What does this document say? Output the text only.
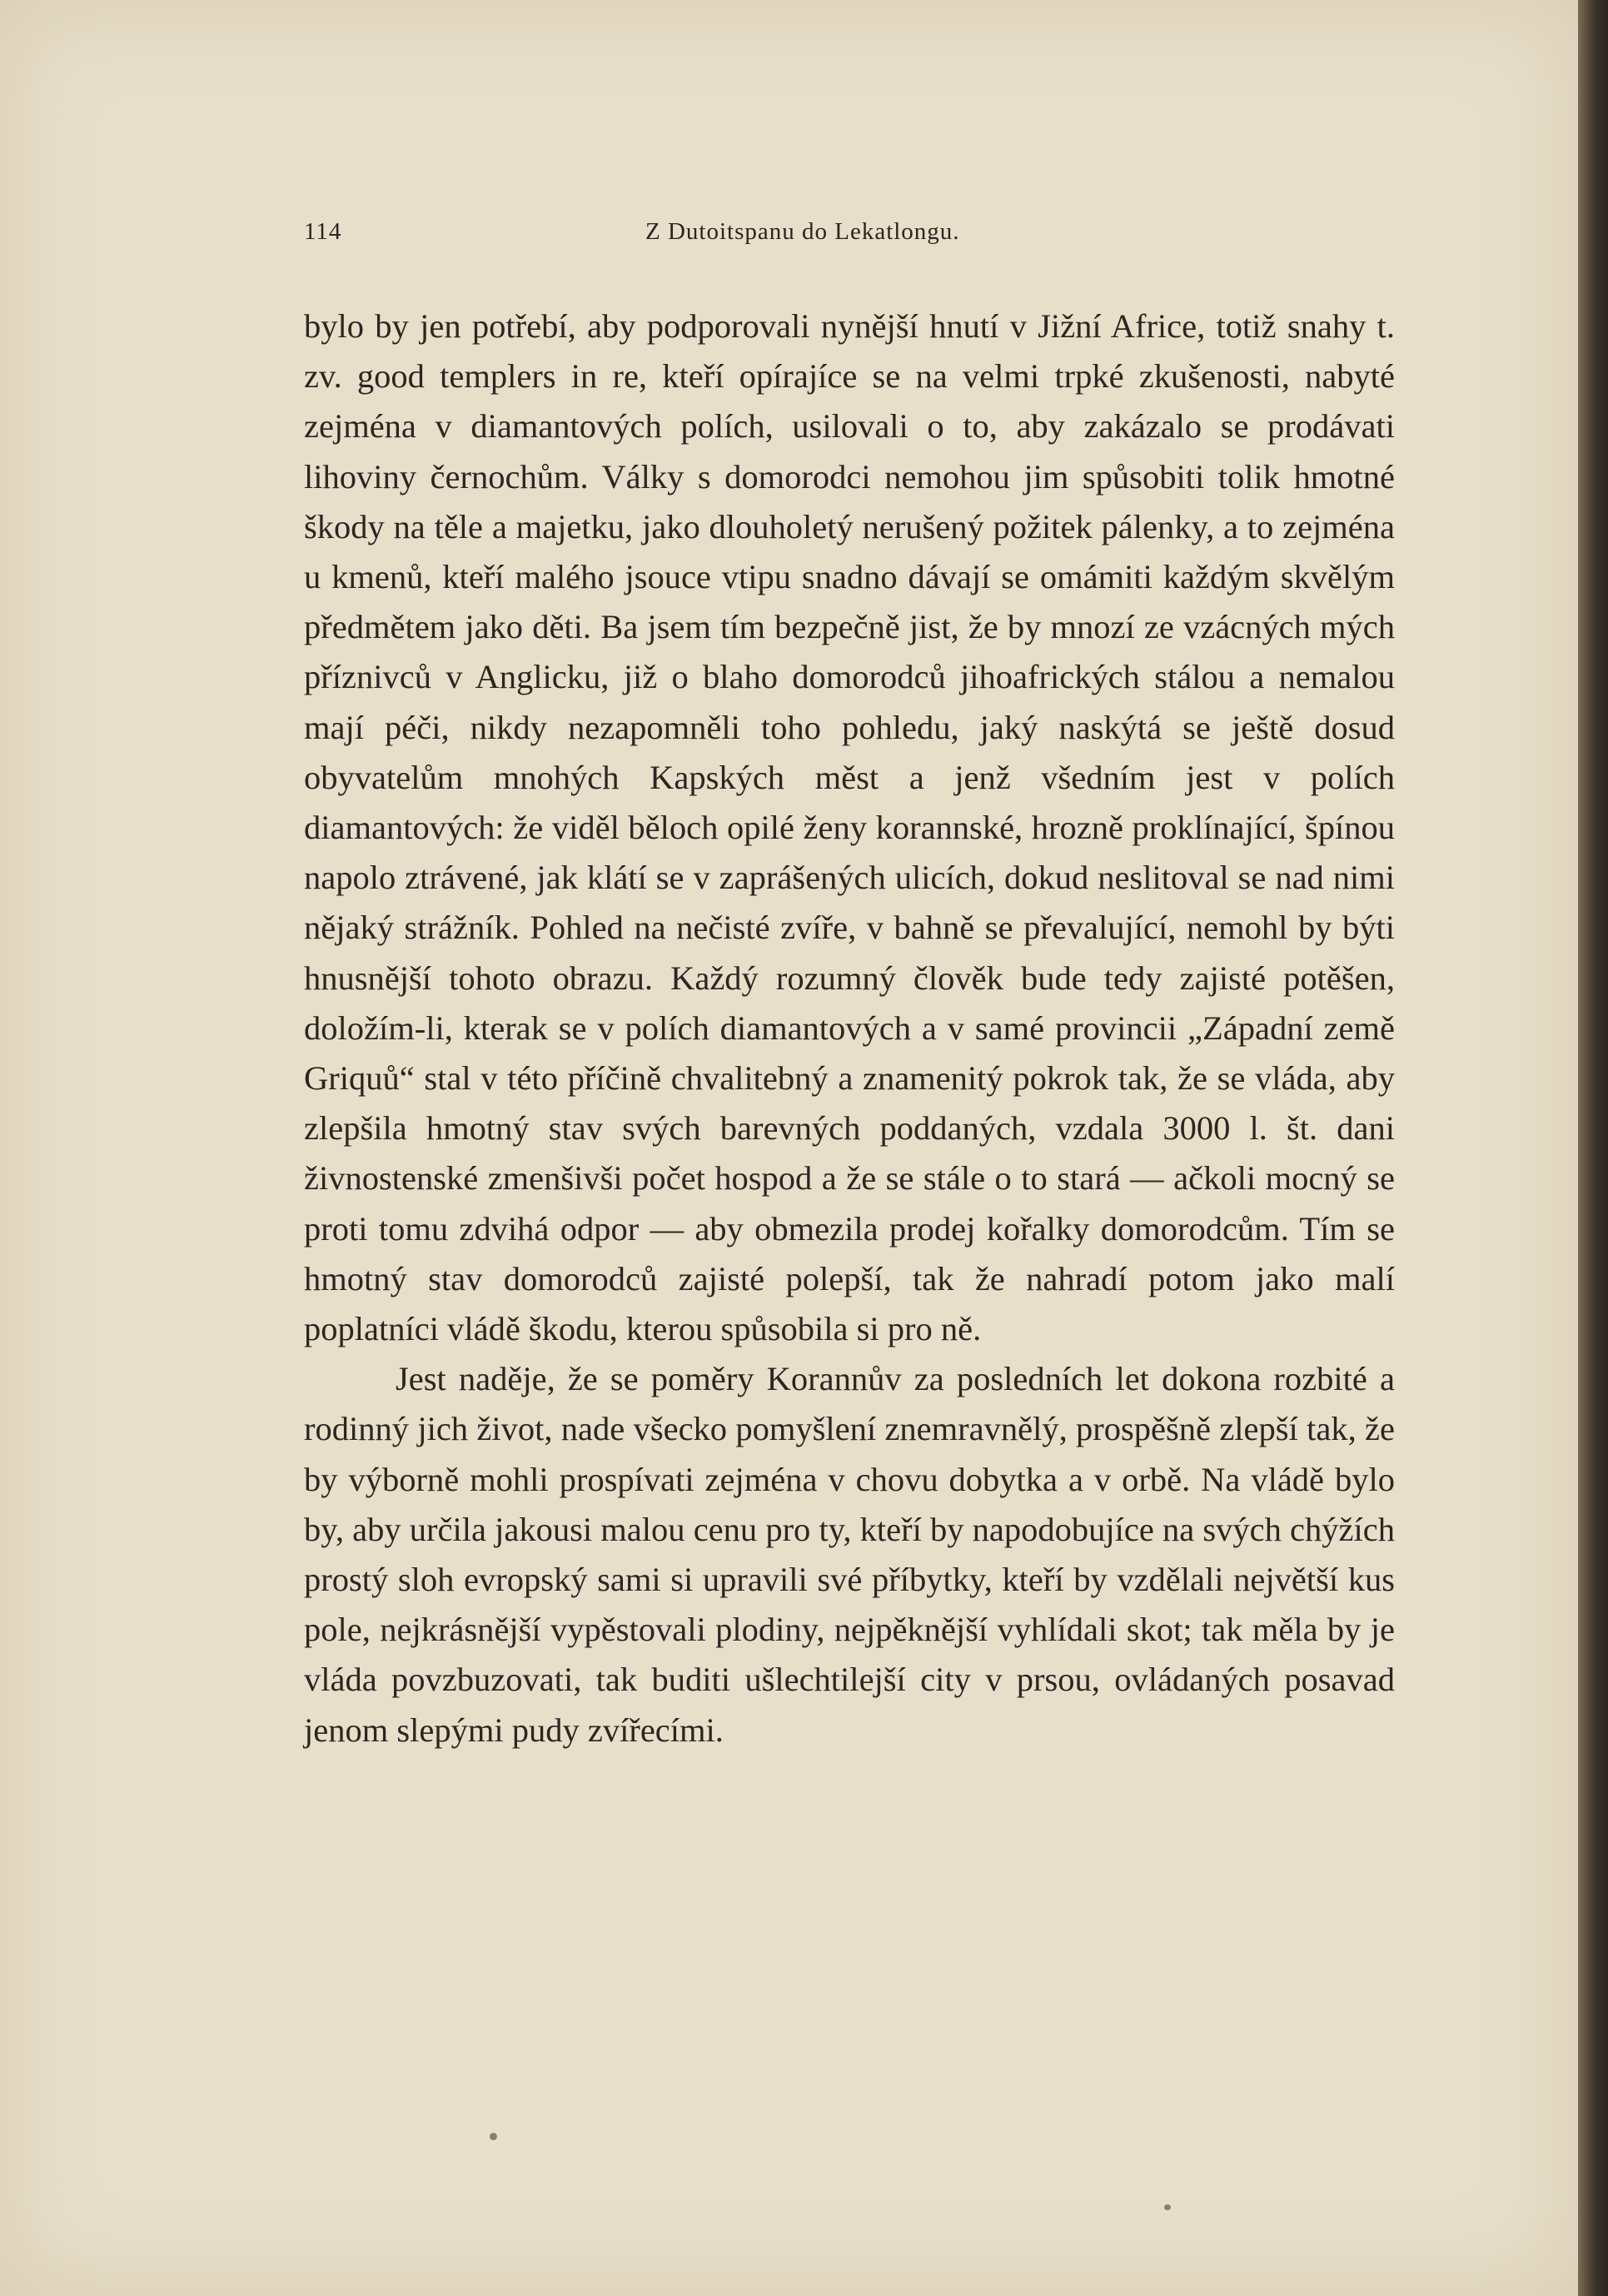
114	Z Dutoitspanu do Lekatlongu.

bylo by jen potřebí, aby podporovali nynější hnutí v Jižní Africe, totiž snahy t. zv. good templers in re, kteří opírajíce se na velmi trpké zkušenosti, nabyté zejména v diamantových polích, usilovali o to, aby zakázalo se prodávati lihoviny černochům. Války s domorodci nemohou jim spůsobiti tolik hmotné škody na těle a majetku, jako dlouholetý nerušený požitek pálenky, a to zejména u kmenů, kteří malého jsouce vtipu snadno dávají se omámiti každým skvělým předmětem jako děti. Ba jsem tím bezpečně jist, že by mnozí ze vzácných mých příznivců v Anglicku, již o blaho domorodců jihoafrických stálou a nemalou mají péči, nikdy nezapomněli toho pohledu, jaký naskýtá se ještě dosud obyvatelům mnohých Kapských měst a jenž všedním jest v polích diamantových: že viděl běloch opilé ženy korannské, hrozně proklínající, špínou napolo ztrávené, jak klátí se v zaprášených ulicích, dokud neslitoval se nad nimi nějaký strážník. Pohled na nečisté zvíře, v bahně se převalující, nemohl by býti hnusnější tohoto obrazu. Každý rozumný člověk bude tedy zajisté potěšen, doložím-li, kterak se v polích diamantových a v samé provincii „Západní země Griquů“ stal v této příčině chvalitebný a znamenitý pokrok tak, že se vláda, aby zlepšila hmotný stav svých barevných poddaných, vzdala 3000 l. št. dani živnostenské zmenšivši počet hospod a že se stále o to stará — ačkoli mocný se proti tomu zdvihá odpor — aby obmezila prodej kořalky domorodcům. Tím se hmotný stav domorodců zajisté polepší, tak že nahradí potom jako malí poplatníci vládě škodu, kterou spůsobila si pro ně.

Jest naděje, že se poměry Korannův za posledních let dokona rozbité a rodinný jich život, nade všecko pomyšlení znemravnělý, prospěšně zlepší tak, že by výborně mohli prospívati zejména v chovu dobytka a v orbě. Na vládě bylo by, aby určila jakousi malou cenu pro ty, kteří by napodobujíce na svých chýžích prostý sloh evropský sami si upravili své příbytky, kteří by vzdělali největší kus pole, nejkrásnější vypěstovali plodiny, nejpěknější vyhlídali skot; tak měla by je vláda povzbuzovati, tak buditi ušlechtilejší city v prsou, ovládaných posavad jenom slepými pudy zvířecími.
